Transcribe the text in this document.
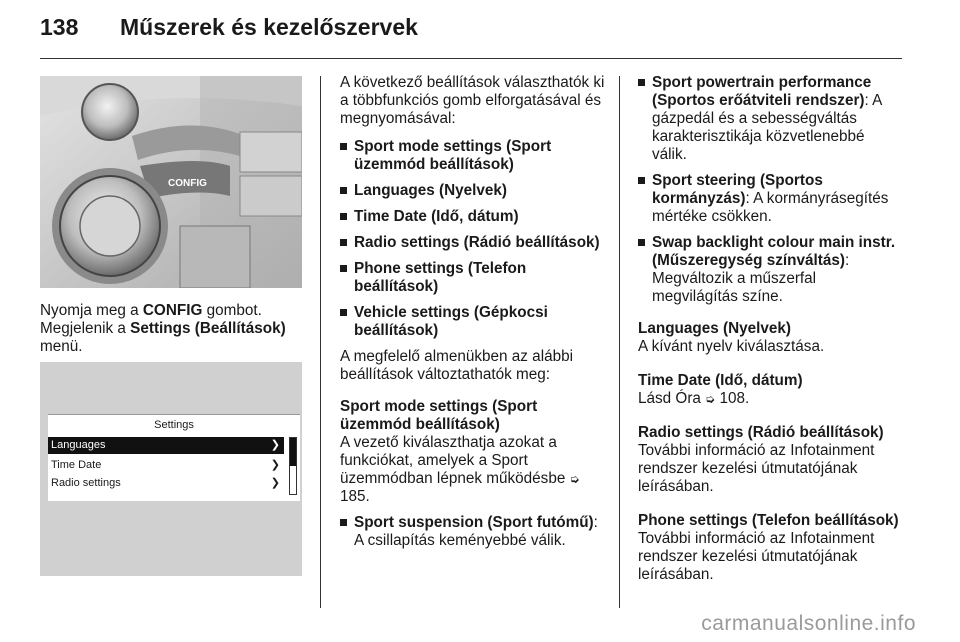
138 Műszerek és kezelőszervek
CONFIG
Nyomja meg a CONFIG gombot.
Megjelenik a Settings (Beállítások)
menü.
Settings
Languages	❯
Time Date	❯
Radio settings	❯

A következő beállítások választhatók ki a többfunkciós gomb elforgatásával és megnyomásával:

Sport mode settings (Sport üzemmód beállítások)
Languages (Nyelvek)
Time Date (Idő, dátum)
Radio settings (Rádió beállítások)
Phone settings (Telefon beállítások)
Vehicle settings (Gépkocsi beállítások)

A megfelelő almenükben az alábbi beállítások változtathatók meg:

Sport mode settings (Sport üzemmód beállítások)

A vezető kiválaszthatja azokat a funkciókat, amelyek a Sport üzemmódban lépnek működésbe ➭ 185.

Sport suspension (Sport futómű): A csillapítás keményebbé válik.
Sport powertrain performance (Sportos erőátviteli rendszer): A gázpedál és a sebességváltás karakterisztikája közvetlenebbé válik.
Sport steering (Sportos kormányzás): A kormányrásegítés mértéke csökken.
Swap backlight colour main instr. (Műszeregység színváltás): Megváltozik a műszerfal megvilágítás színe.
Languages (Nyelvek)

A kívánt nyelv kiválasztása.

Time Date (Idő, dátum)

Lásd Óra ➭ 108.

Radio settings (Rádió beállítások)

További információ az Infotainment rendszer kezelési útmutatójának leírásában.

Phone settings (Telefon beállítások)

További információ az Infotainment rendszer kezelési útmutatójának leírásában.

carmanualsonline.info
